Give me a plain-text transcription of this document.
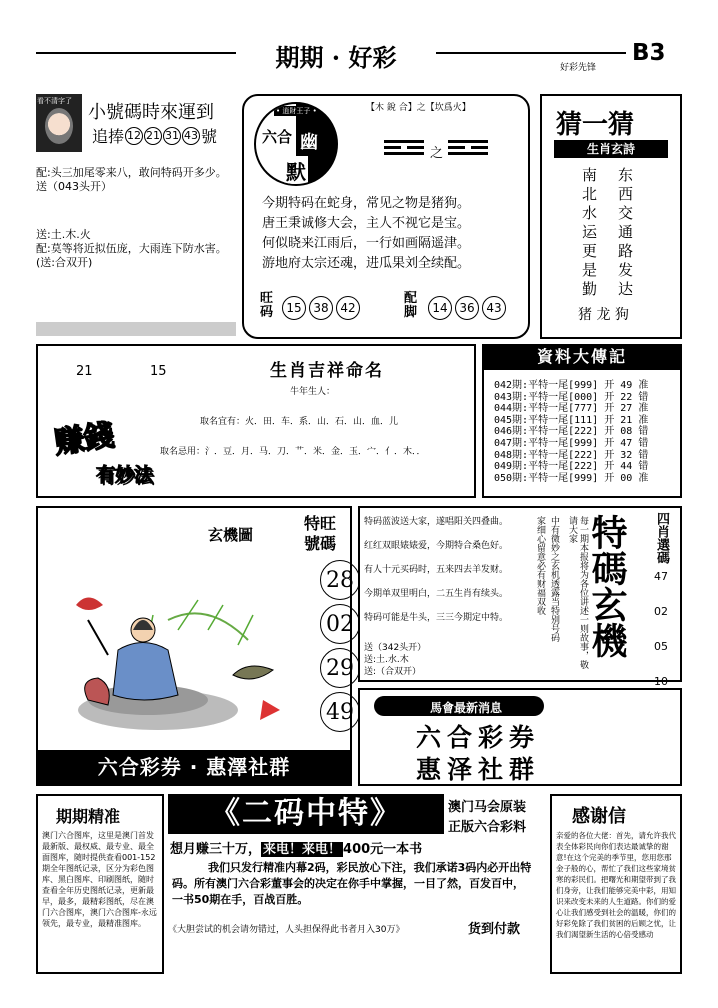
期期 · 好彩	好彩先锋
B3
看不清字了
小號碼時來運到
追捧 12 21 31 43 號
配:头三加尾零来八，敢问特码开多少。
送（043头开）
送:土.木.火
配:莫等将近拟伍庞，大雨连下防水害。
(送:合双开)
• 逍財王子 •
六合 幽
默
【木 銳 合】之【坎爲火】
之
今期特码在蛇身，常见之物是猪狗。
唐王秉诚修大会，主人不视它是宝。
何似晓来江雨后，一行如画隔遥津。
游地府太宗还魂，进瓜果刘全续配。
旺码	15 38 42
配脚	14 36 43
猜一猜
生肖玄詩
南
北
水
运
更
是
勤
东
西
交
通
路
发
达
猪 龙 狗
21	15	生肖吉祥命名
牛年生人：
取名宜有：火．田．车．系．山．石．山．血．儿
取名忌用：氵．豆．月．马．刀．艹．米．金．玉．宀．亻．木．．
赚錢
有妙法
資料大傳記
042期:平特一尾[999] 开 49 准
043期:平特一尾[000] 开 22 错
044期:平特一尾[777] 开 27 准
045期:平特一尾[111] 开 21 准
046期:平特一尾[222] 开 08 错
047期:平特一尾[999] 开 47 错
048期:平特一尾[222] 开 32 错
049期:平特一尾[222] 开 44 错
050期:平特一尾[999] 开 00 准
玄機圖
特旺號碼
28
02
29
49
六合彩券 · 惠澤社群
特码蓝波送大家，遂唱阳关四叠曲。
红红双眼婊婊爱，今期特合桑色好。
有人十元买码时，五来四去羊发财。
今期单双里明白，二五生肖有续头。
特码可能是牛头，三三今期定中特。
送（342头开）
送:土.水.木
送:（合双开）
家细心留意必有财福双收 中有微妙之玄机透露当特别号码	每一期本报将为各位讲述一则故事，敬请大家 特碼玄機 四肖選碼
47
02
05
10
馬會最新消息
六合彩券
惠泽社群
期期精准
澳门六合图库，这里是澳门首发最新版、最权威、最专业、最全面图库，随时提供查看001-152期全年图纸记录，区分为彩色图库、黑白图库、印刷图纸，随时查看全年历史图纸记录，更新最早，最多，最精彩图纸，尽在澳门六合图库，澳门六合图库-永远领先，最专业，最精准图库。
《二码中特》	澳门马会原装
正版六合彩料
想月赚三十万， 来电！来电！ 400元一本书
我们只发行精准内幕2码，彩民放心下注，我们承诺3码内必开出特码。所有澳门六合彩董事会的决定在你手中掌握，一目了然，百发百中，一书50期在手，百战百胜。
《大胆尝试的机会请勿错过，人头担保得此书者月入30万》	货到付款
感谢信
亲爱的各位大佬：首先，请允许我代表全体彩民向你们表达最诚挚的谢意!在这个完美的季节里，您用您那金子般的心，帮忙了我们这些家境贫寒的彩民们。把曙光和期望带到了我们身旁，让我们能够完美中彩，用知识来改变未来的人生道路。你们的爱心让我们感受到社会的温暖，你们的好彩免除了我们贫困的后顾之忧，让我们渴望新生活的心倍受感动
